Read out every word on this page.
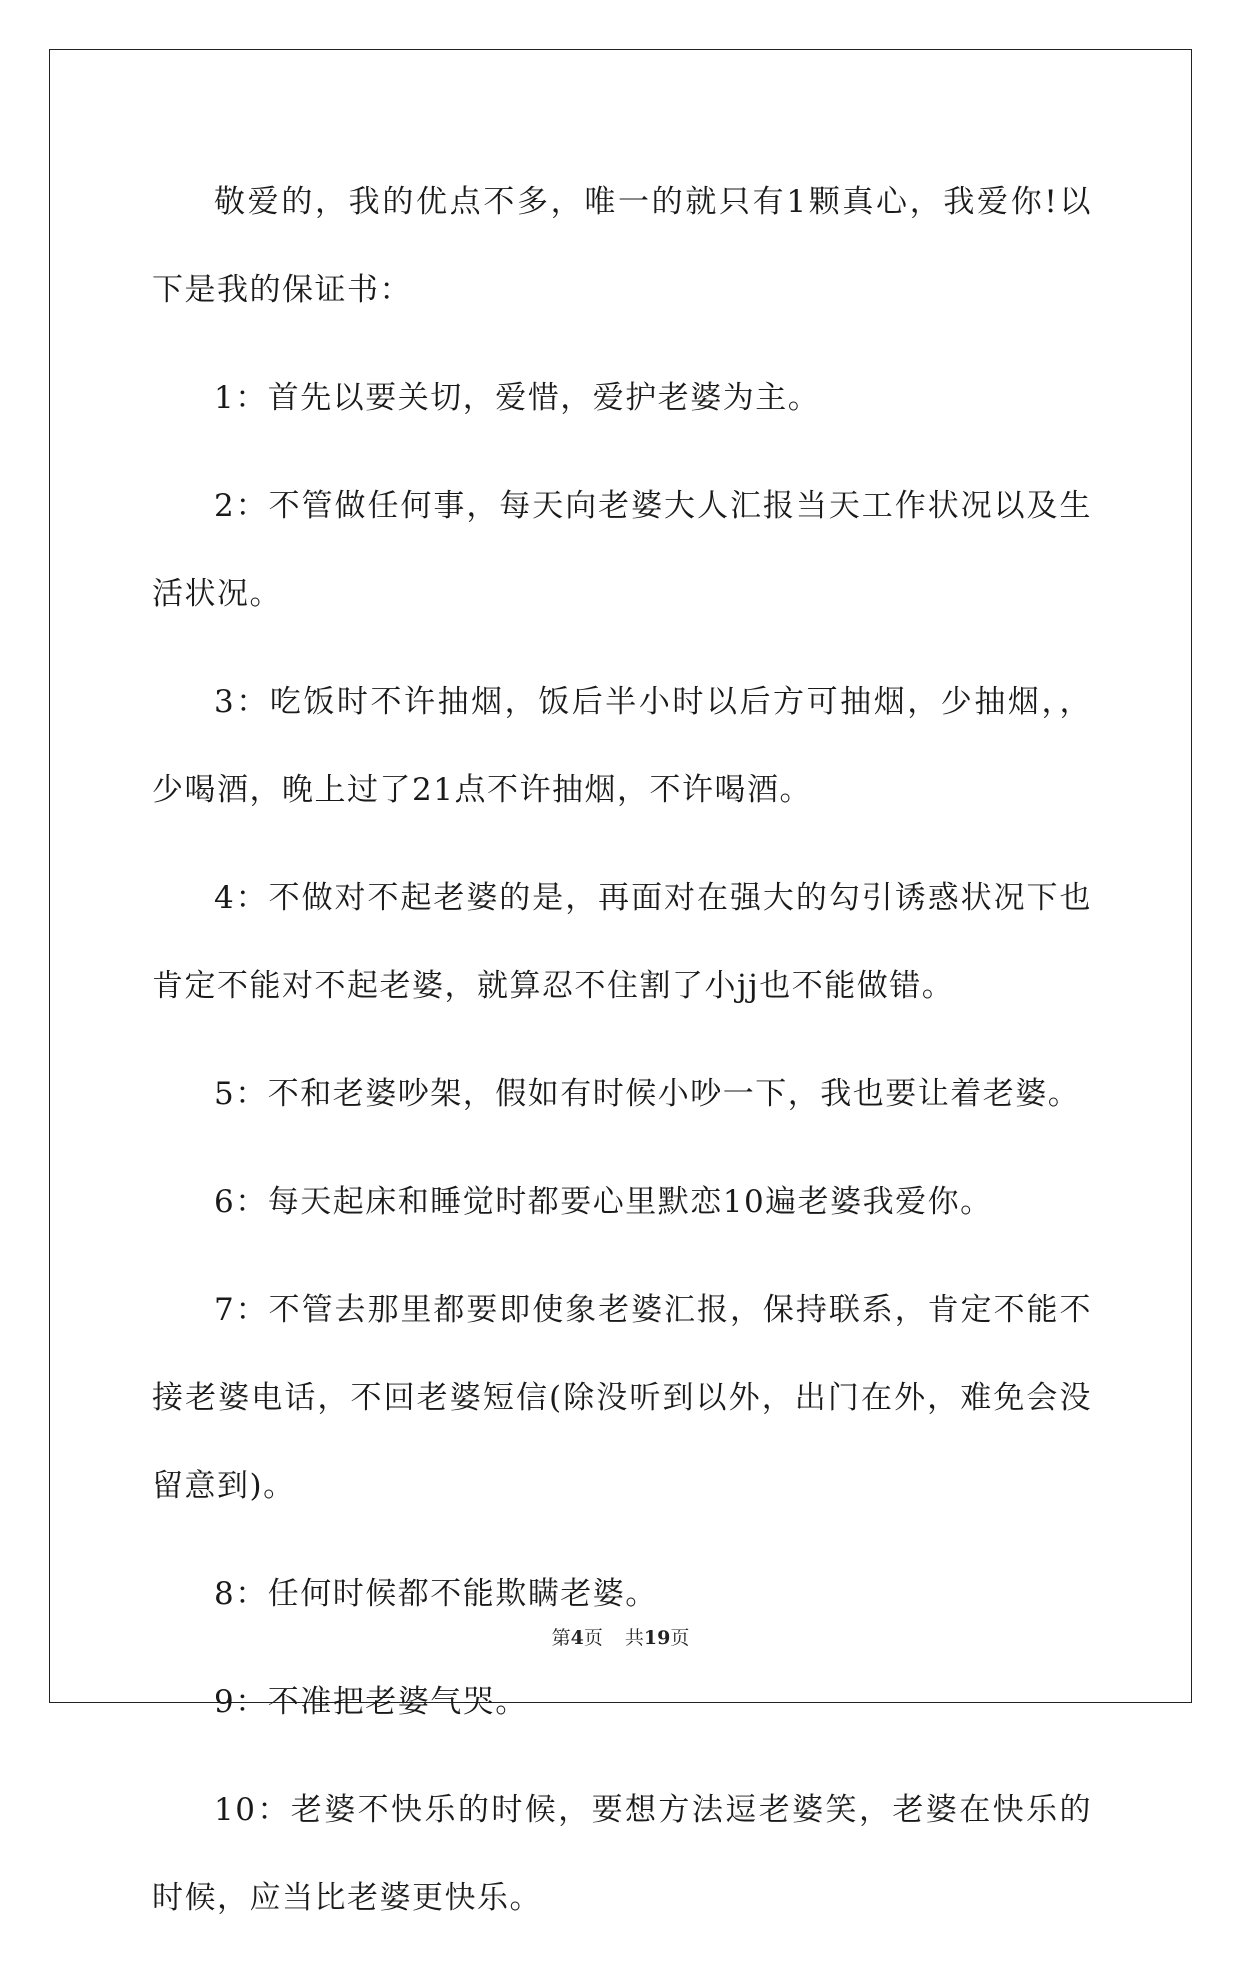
敬爱的，我的优点不多，唯一的就只有1颗真心，我爱你!以下是我的保证书：

1：首先以要关切，爱惜，爱护老婆为主。

2：不管做任何事，每天向老婆大人汇报当天工作状况以及生活状况。

3：吃饭时不许抽烟，饭后半小时以后方可抽烟，少抽烟，，少喝酒，晚上过了21点不许抽烟，不许喝酒。

4：不做对不起老婆的是，再面对在强大的勾引诱惑状况下也肯定不能对不起老婆，就算忍不住割了小jj也不能做错。

5：不和老婆吵架，假如有时候小吵一下，我也要让着老婆。

6：每天起床和睡觉时都要心里默恋10遍老婆我爱你。

7：不管去那里都要即使象老婆汇报，保持联系，肯定不能不接老婆电话，不回老婆短信(除没听到以外，出门在外，难免会没留意到)。

8：任何时候都不能欺瞒老婆。

9：不准把老婆气哭。

10：老婆不快乐的时候，要想方法逗老婆笑，老婆在快乐的时候，应当比老婆更快乐。

第4页 共19页
